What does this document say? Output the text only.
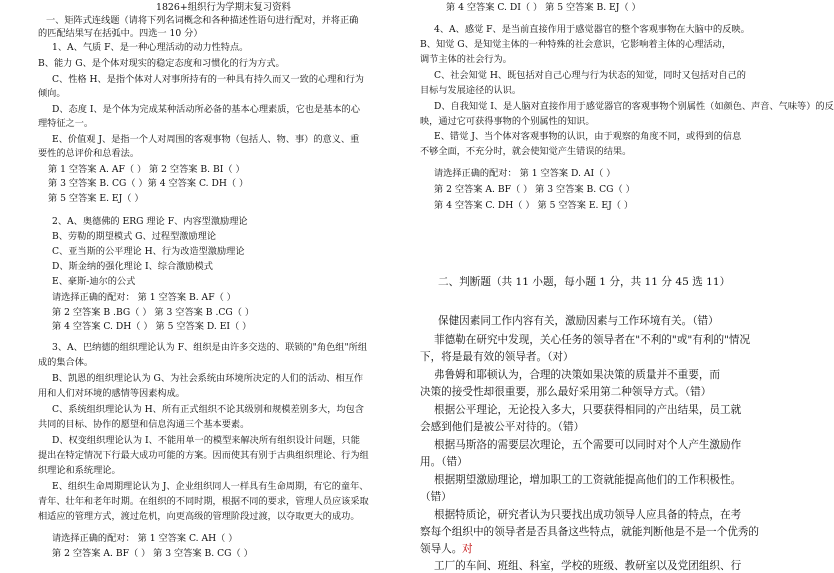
1826+组织行为学期末复习资料
一、矩阵式连线题（请将下列名词概念和各种描述性语句进行配对，并将正确
的匹配结果写在括弧中。四选一 10 分）
1、A、气质 F、是一种心理活动的动力性特点。
B、能力 G、是个体对现实的稳定态度和习惯化的行为方式。
C、性格 H、是指个体对人对事所持有的一种具有持久而又一致的心理和行为
倾向。
D、态度 I、是个体为完成某种活动所必备的基本心理素质，它也是基本的心
理特征之一。
E、价值观 J、是指一个人对周围的客观事物（包括人、物、事）的意义、重
要性的总评价和总看法。
第 1 空答案 A. AF（ ） 第 2 空答案 B. BI（ ）
第 3 空答案 B. CG（ ）第 4 空答案 C. DH（ ）
第 5 空答案 E. EJ（ ）
2、A、奥德佛的 ERG 理论 F、内容型激励理论
B、劳勒的期望模式 G、过程型激励理论
C、亚当斯的公平理论 H、行为改造型激励理论
D、斯金纳的强化理论 I、综合激励模式
E、豪斯-迪尔的公式
请选择正确的配对： 第 1 空答案 B. AF（ ）
第 2 空答案 B .BG（ ） 第 3 空答案 B .CG（ ）
第 4 空答案 C. DH（ ） 第 5 空答案 D. EI（ ）
3、A、巴纳德的组织理论认为 F、组织是由许多交迭的、联锁的"角色组"所组
成的集合体。
B、凯恩的组织理论认为 G、为社会系统由环境所决定的人们的活动、相互作
用和人们对环境的感情等因素构成。
C、系统组织理论认为 H、所有正式组织不论其级别和规模差别多大，均包含
共同的目标、协作的愿望和信息沟通三个基本要素。
D、权变组织理论认为 I、不能用单一的模型来解决所有组织设计问题，只能
提出在特定情况下行最大成功可能的方案。因而使其有别于古典组织理论、行为组
织理论和系统理论。
E、组织生命周期理论认为 J、企业组织同人一样具有生命周期，有它的童年、
青年、壮年和老年时期。在组织的不同时期，根据不同的要求，管理人员应该采取
相适应的管理方式，渡过危机，向更高级的管理阶段过渡，以夺取更大的成功。
请选择正确的配对： 第 1 空答案 C. AH（ ）
第 2 空答案 A. BF（ ） 第 3 空答案 B. CG（ ）
第 4 空答案 C. DI（ ） 第 5 空答案 B. EJ（ ）
4、A、感觉 F、是当前直接作用于感觉器官的整个客观事物在大脑中的反映。
B、知觉 G、是知觉主体的一种特殊的社会意识，它影响着主体的心理活动，
调节主体的社会行为。
C、社会知觉 H、既包括对自己心理与行为状态的知觉，同时又包括对自己的
目标与发展途径的认识。
D、自我知觉 I、是人脑对直接作用于感觉器官的客观事物个别属性（如颜色、声音、气味等）的反
映，通过它可获得事物的个别属性的知识。
E、错觉 J、当个体对客观事物的认识，由于观察的角度不同，或得到的信息
不够全面，不充分时，就会使知觉产生错误的结果。
请选择正确的配对： 第 1 空答案 D. AI（ ）
第 2 空答案 A. BF（ ） 第 3 空答案 B. CG（ ）
第 4 空答案 C. DH（ ） 第 5 空答案 E. EJ（ ）
二、判断题（共 11 小题，每小题 1 分，共 11 分 45 选 11）
保健因素同工作内容有关，激励因素与工作环境有关。（错）
菲德勒在研究中发现，关心任务的领导者在"不利的"或"有利的"情况
下，将是最有效的领导者。（对）
弗鲁姆和耶顿认为，合理的决策如果决策的质量并不重要，而
决策的接受性却很重要，那么最好采用第二种领导方式。（错）
根据公平理论，无论投入多大，只要获得相同的产出结果，员工就
会感到他们是被公平对待的。（错）
根据马斯洛的需要层次理论，五个需要可以同时对个人产生激励作
用。（错）
根据期望激励理论，增加职工的工资就能提高他们的工作积极性。
（错）
根据特质论，研究者认为只要找出成功领导人应具备的特点，在考
察每个组织中的领导者是否具备这些特点，就能判断他是不是一个优秀的
领导人。
工厂的车间、班组、科室，学校的班级、教研室以及党团组织、行
对
